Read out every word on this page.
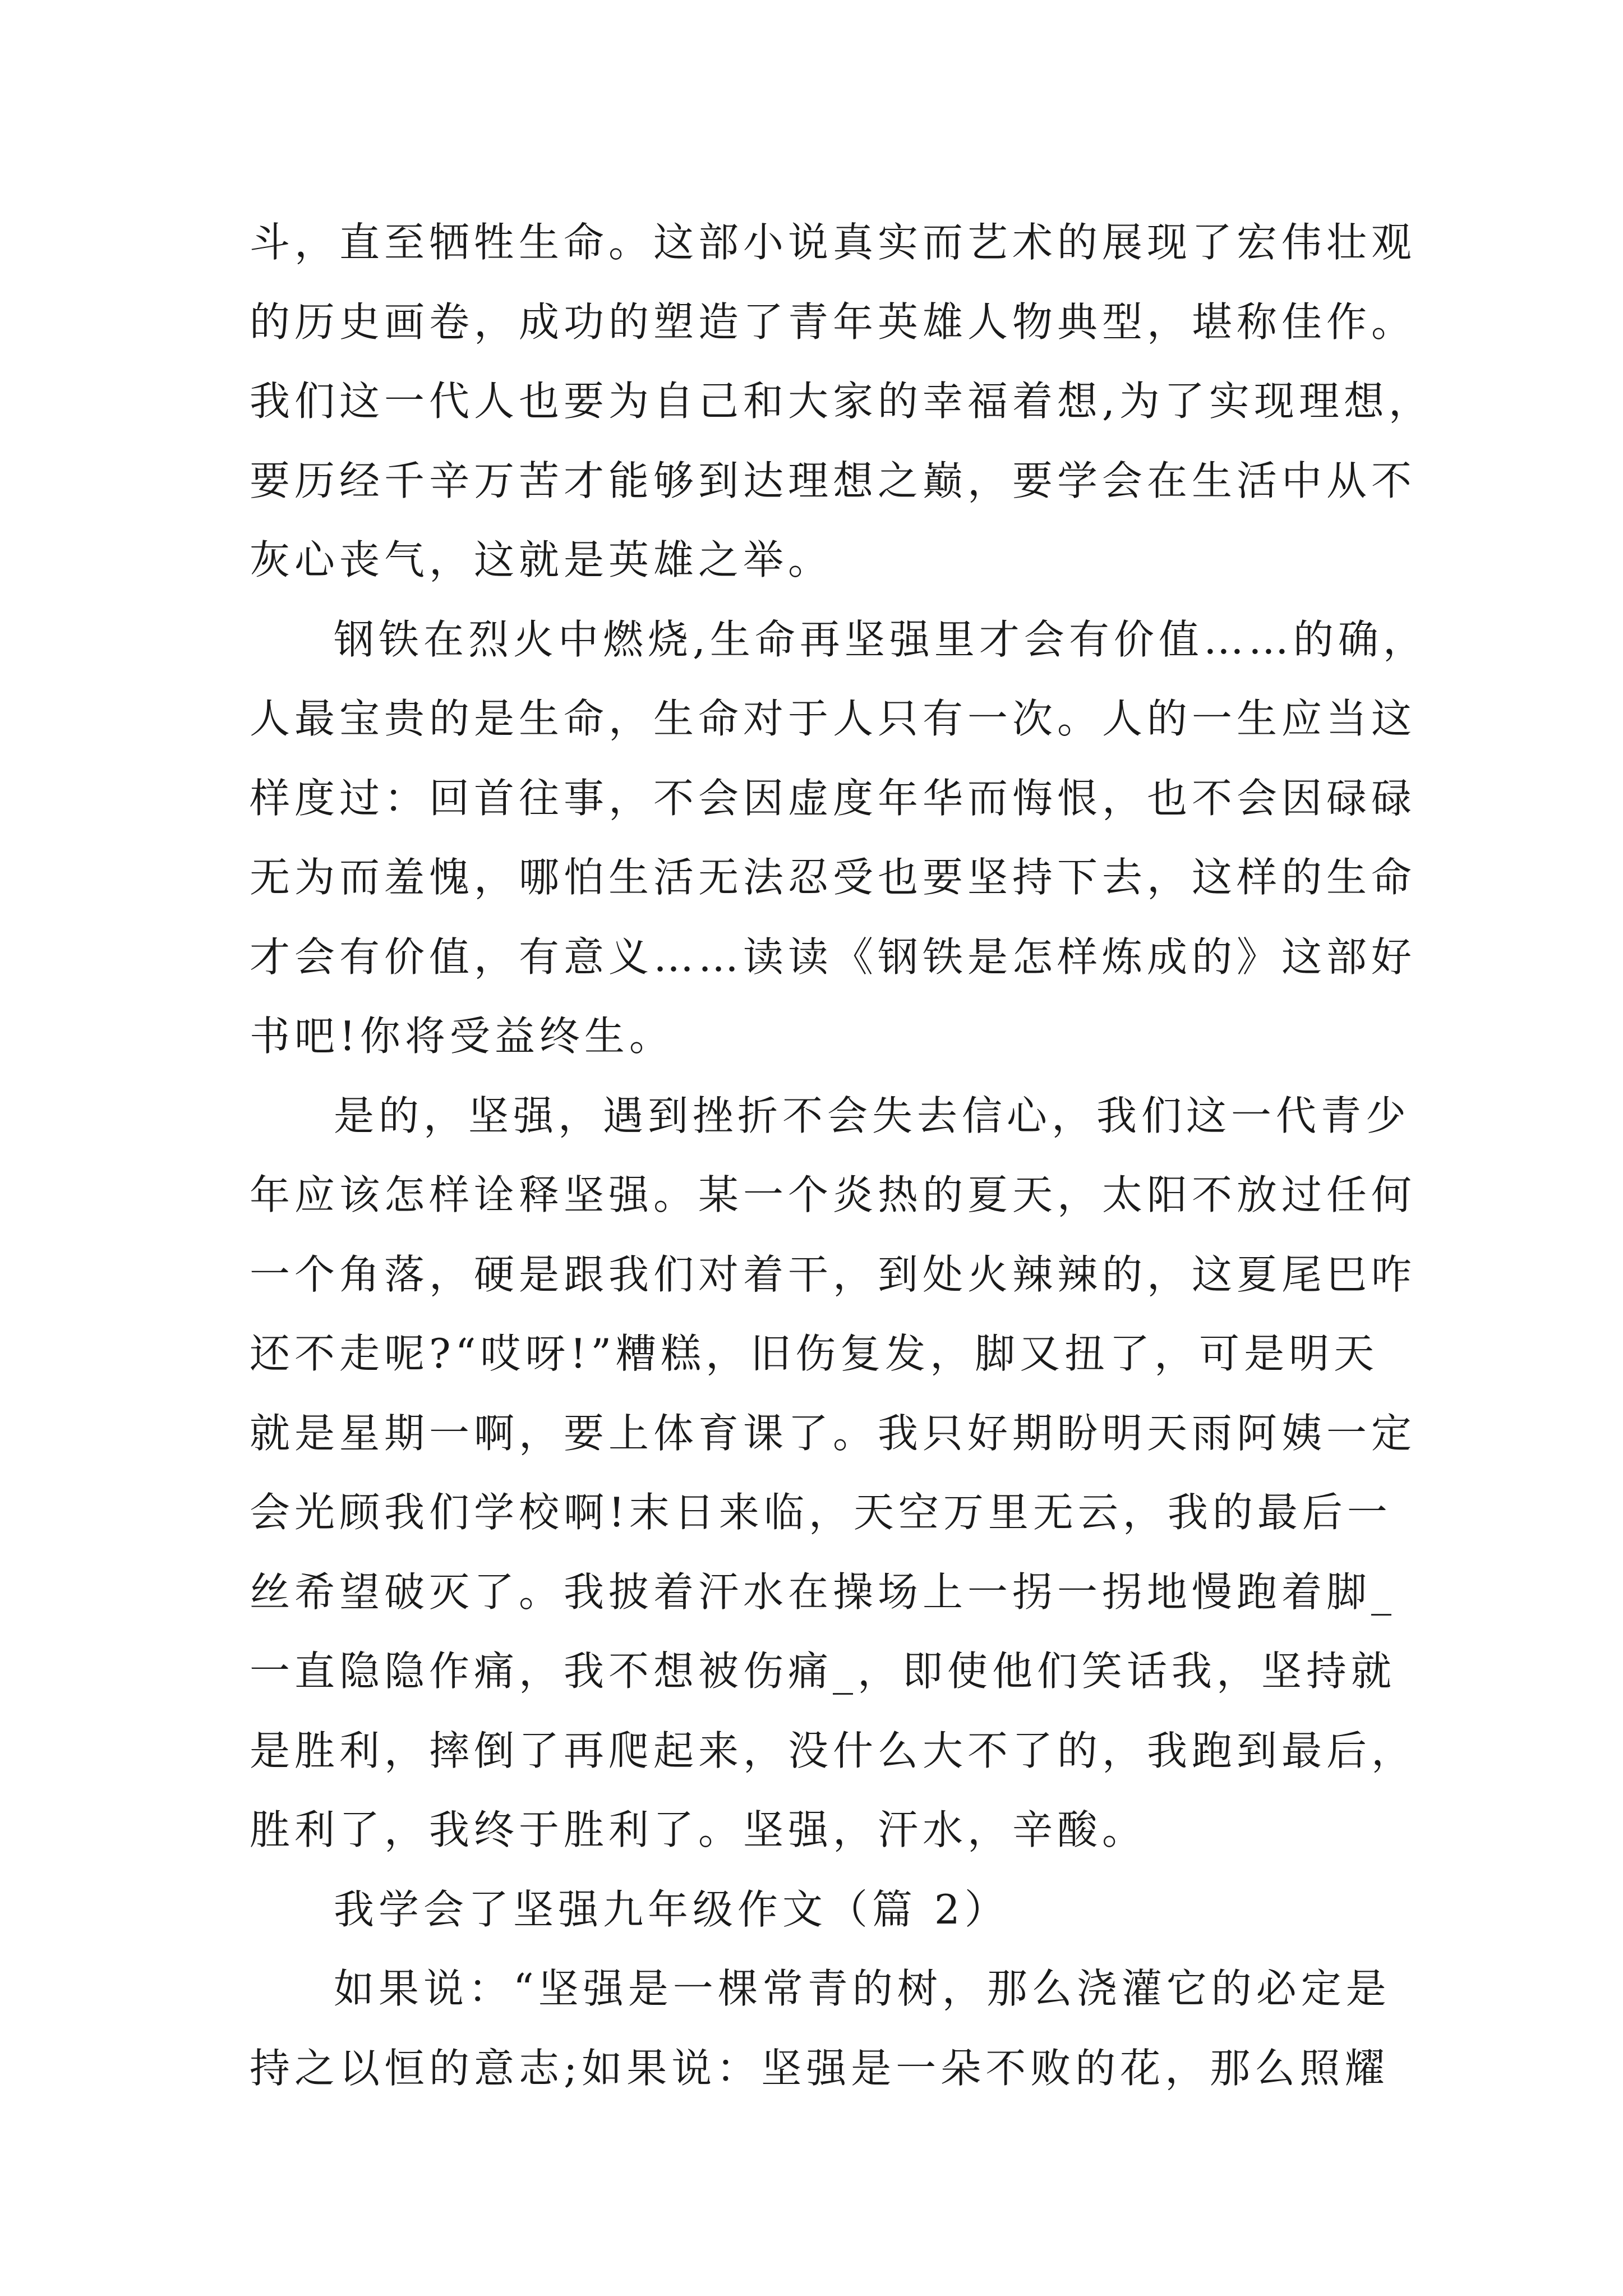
斗，直至牺牲生命。这部小说真实而艺术的展现了宏伟壮观
的历史画卷，成功的塑造了青年英雄人物典型，堪称佳作。
我们这一代人也要为自己和大家的幸福着想,为了实现理想，
要历经千辛万苦才能够到达理想之巅，要学会在生活中从不
灰心丧气，这就是英雄之举。
钢铁在烈火中燃烧,生命再坚强里才会有价值……的确，
人最宝贵的是生命，生命对于人只有一次。人的一生应当这
样度过：回首往事，不会因虚度年华而悔恨，也不会因碌碌
无为而羞愧，哪怕生活无法忍受也要坚持下去，这样的生命
才会有价值，有意义……读读《钢铁是怎样炼成的》这部好
书吧!你将受益终生。
是的，坚强，遇到挫折不会失去信心，我们这一代青少
年应该怎样诠释坚强。某一个炎热的夏天，太阳不放过任何
一个角落，硬是跟我们对着干，到处火辣辣的，这夏尾巴咋
还不走呢?“哎呀!”糟糕，旧伤复发，脚又扭了，可是明天
就是星期一啊，要上体育课了。我只好期盼明天雨阿姨一定
会光顾我们学校啊!末日来临，天空万里无云，我的最后一
丝希望破灭了。我披着汗水在操场上一拐一拐地慢跑着脚_
一直隐隐作痛，我不想被伤痛_，即使他们笑话我，坚持就
是胜利，摔倒了再爬起来，没什么大不了的，我跑到最后，
胜利了，我终于胜利了。坚强，汗水，辛酸。
我学会了坚强九年级作文（篇 2）
如果说：“坚强是一棵常青的树，那么浇灌它的必定是
持之以恒的意志;如果说：坚强是一朵不败的花，那么照耀
